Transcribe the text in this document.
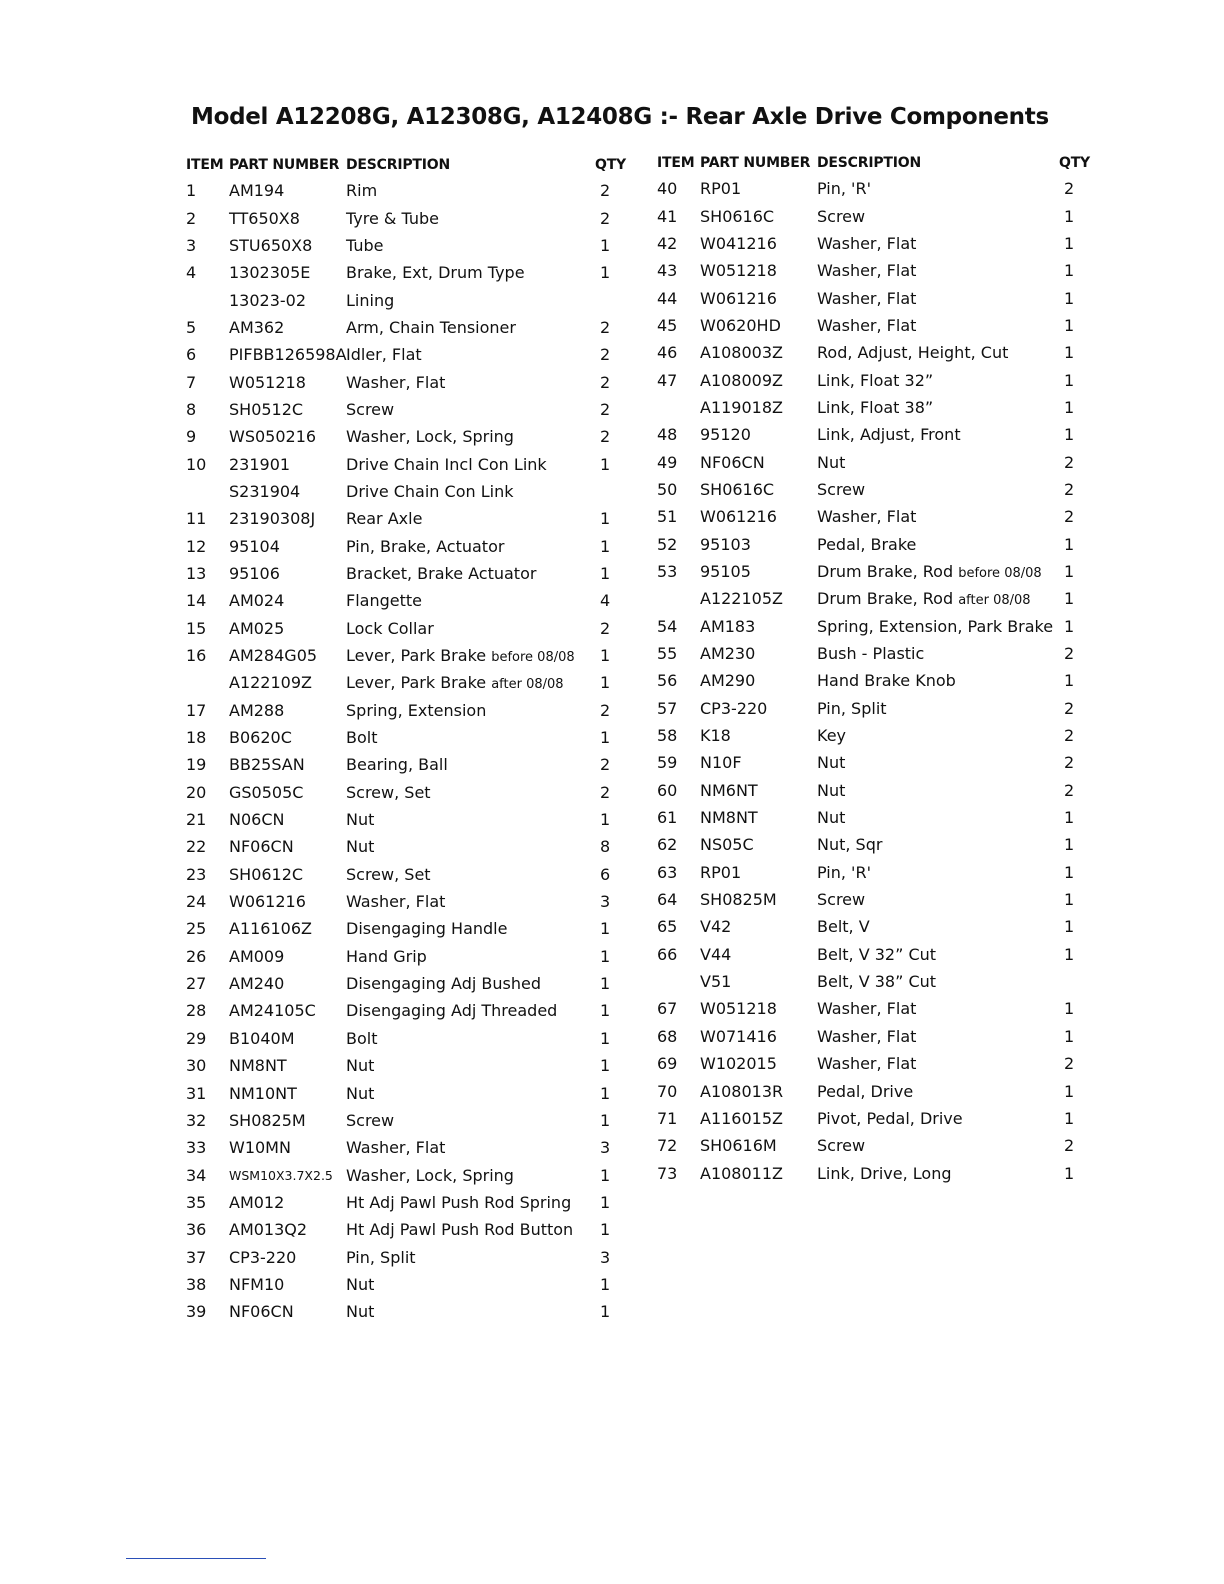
Model A12208G, A12308G, A12408G :- Rear Axle Drive Components
ITEM PART NUMBER DESCRIPTION	QTY
1	AM194	Rim	2
2	TT650X8	Tyre & Tube	2
3	STU650X8	Tube	1
4	1302305E	Brake, Ext, Drum Type	1
13023-02	Lining
5	AM362	Arm, Chain Tensioner	2
6	PIFBB126598A Idler, Flat	2
7	W051218	Washer, Flat	2
8	SH0512C	Screw	2
9	WS050216	Washer, Lock, Spring	2
10	231901	Drive Chain Incl Con Link	1
S231904	Drive Chain Con Link
11	23190308J	Rear Axle	1
12	95104	Pin, Brake, Actuator	1
13	95106	Bracket, Brake Actuator	1
14	AM024	Flangette	4
15	AM025	Lock Collar	2
16	AM284G05	Lever, Park Brake before 08/08	1
A122109Z	Lever, Park Brake after 08/08	1
17	AM288	Spring, Extension	2
18	B0620C	Bolt	1
19	BB25SAN	Bearing, Ball	2
20	GS0505C	Screw, Set	2
21	N06CN	Nut	1
22	NF06CN	Nut	8
23	SH0612C	Screw, Set	6
24	W061216	Washer, Flat	3
25	A116106Z	Disengaging Handle	1
26	AM009	Hand Grip	1
27	AM240	Disengaging Adj Bushed	1
28	AM24105C	Disengaging Adj Threaded	1
29	B1040M	Bolt	1
30	NM8NT	Nut	1
31	NM10NT	Nut	1
32	SH0825M	Screw	1
33	W10MN	Washer, Flat	3
34	WSM10X3.7X2.5 Washer, Lock, Spring	1
35	AM012	Ht Adj Pawl Push Rod Spring	1
36	AM013Q2	Ht Adj Pawl Push Rod Button	1
37	CP3-220	Pin, Split	3
38	NFM10	Nut	1
39	NF06CN	Nut	1
ITEM PART NUMBER DESCRIPTION	QTY
40	RP01	Pin, 'R'	2
41	SH0616C	Screw	1
42	W041216	Washer, Flat	1
43	W051218	Washer, Flat	1
44	W061216	Washer, Flat	1
45	W0620HD	Washer, Flat	1
46	A108003Z	Rod, Adjust, Height, Cut	1
47	A108009Z	Link, Float 32”	1
A119018Z	Link, Float 38”	1
48	95120	Link, Adjust, Front	1
49	NF06CN	Nut	2
50	SH0616C	Screw	2
51	W061216	Washer, Flat	2
52	95103	Pedal, Brake	1
53	95105	Drum Brake, Rod before 08/08	1
A122105Z	Drum Brake, Rod after 08/08	1
54	AM183	Spring, Extension, Park Brake 1
55	AM230	Bush - Plastic	2
56	AM290	Hand Brake Knob	1
57	CP3-220	Pin, Split	2
58	K18	Key	2
59	N10F	Nut	2
60	NM6NT	Nut	2
61	NM8NT	Nut	1
62	NS05C	Nut, Sqr	1
63	RP01	Pin, 'R'	1
64	SH0825M	Screw	1
65	V42	Belt, V	1
66	V44	Belt, V 32” Cut	1
V51	Belt, V 38” Cut
67	W051218	Washer, Flat	1
68	W071416	Washer, Flat	1
69	W102015	Washer, Flat	2
70	A108013R	Pedal, Drive	1
71	A116015Z	Pivot, Pedal, Drive	1
72	SH0616M	Screw	2
73	A108011Z	Link, Drive, Long	1
